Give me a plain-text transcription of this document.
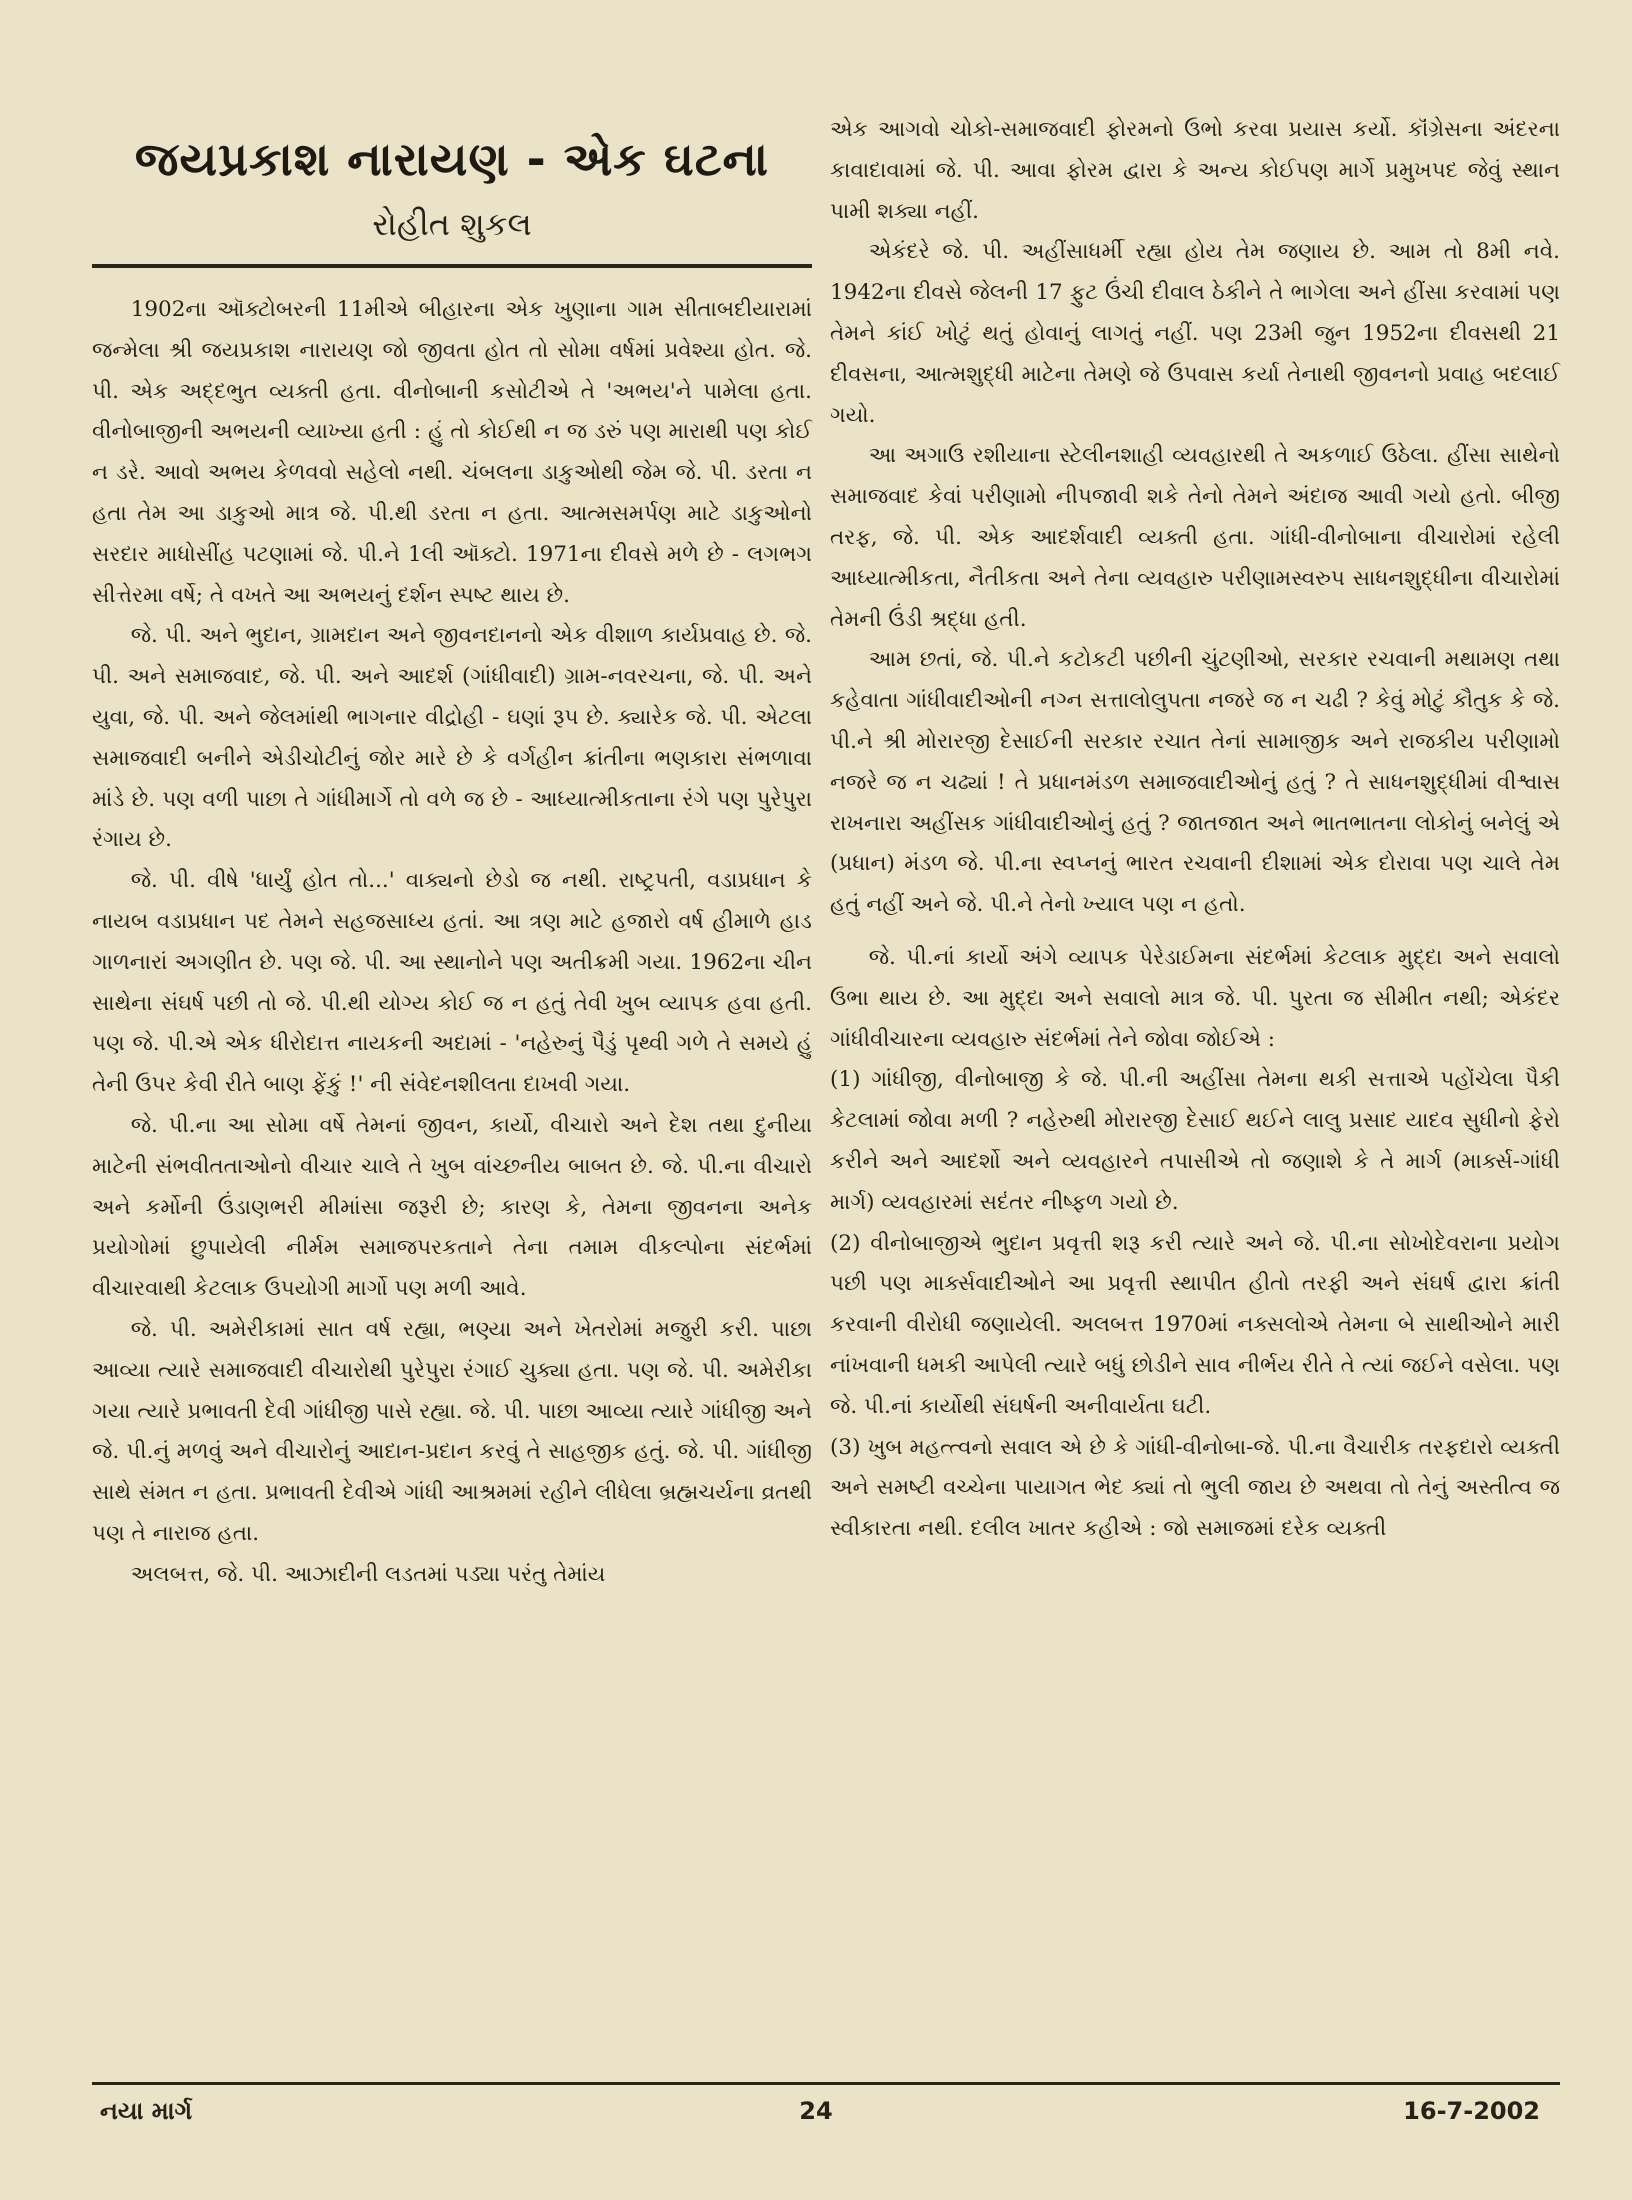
જયપ્રકાશ નારાયણ - એક ઘટના
રોહીત શુકલ

1902ના ઑક્ટોબરની 11મીએ બીહારના એક ખુણાના ગામ સીતાબદીયારામાં જન્મેલા શ્રી જયપ્રકાશ નારાયણ જો જીવતા હોત તો સોમા વર્ષમાં પ્રવેશ્યા હોત. જે. પી. એક અદ્દભુત વ્યક્તી હતા. વીનોબાની કસોટીએ તે 'અભય'ને પામેલા હતા. વીનોબાજીની અભયની વ્યાખ્યા હતી : હું તો કોઈથી ન જ ડરું પણ મારાથી પણ કોઈ ન ડરે. આવો અભય કેળવવો સહેલો નથી. ચંબલના ડાકુઓથી જેમ જે. પી. ડરતા ન હતા તેમ આ ડાકુઓ માત્ર જે. પી.થી ડરતા ન હતા. આત્મસમર્પણ માટે ડાકુઓનો સરદાર માધોસીંહ પટણામાં જે. પી.ને 1લી ઑક્ટો. 1971ના દીવસે મળે છે - લગભગ સીત્તેરમા વર્ષે; તે વખતે આ અભયનું દર્શન સ્પષ્ટ થાય છે.

જે. પી. અને ભુદાન, ગ્રામદાન અને જીવનદાનનો એક વીશાળ કાર્યપ્રવાહ છે. જે. પી. અને સમાજવાદ, જે. પી. અને આદર્શ (ગાંધીવાદી) ગ્રામ-નવરચના, જે. પી. અને યુવા, જે. પી. અને જેલમાંથી ભાગનાર વીદ્રોહી - ઘણાં રૂપ છે. ક્યારેક જે. પી. એટલા સમાજવાદી બનીને એડીચોટીનું જોર મારે છે કે વર્ગહીન ક્રાંતીના ભણકારા સંભળાવા માંડે છે. પણ વળી પાછા તે ગાંધીમાર્ગે તો વળે જ છે - આધ્યાત્મીકતાના રંગે પણ પુરેપુરા રંગાય છે.

જે. પી. વીષે 'ધાર્યું હોત તો...' વાક્યનો છેડો જ નથી. રાષ્ટ્રપતી, વડાપ્રધાન કે નાયબ વડાપ્રધાન પદ તેમને સહજસાધ્ય હતાં. આ ત્રણ માટે હજારો વર્ષ હીમાળે હાડ ગાળનારાં અગણીત છે. પણ જે. પી. આ સ્થાનોને પણ અતીક્રમી ગયા. 1962ના ચીન સાથેના સંઘર્ષ પછી તો જે. પી.થી યોગ્ય કોઈ જ ન હતું તેવી ખુબ વ્યાપક હવા હતી. પણ જે. પી.એ એક ધીરોદાત્ત નાયકની અદામાં - 'નહેરુનું પૈડું પૃથ્વી ગળે તે સમયે હું તેની ઉપર કેવી રીતે બાણ ફેંકું !' ની સંવેદનશીલતા દાખવી ગયા.

જે. પી.ના આ સોમા વર્ષે તેમનાં જીવન, કાર્યો, વીચારો અને દેશ તથા દુનીયા માટેની સંભવીતતાઓનો વીચાર ચાલે તે ખુબ વાંચ્છનીય બાબત છે. જે. પી.ના વીચારો અને કર્મોની ઉંડાણભરી મીમાંસા જરૂરી છે; કારણ કે, તેમના જીવનના અનેક પ્રયોગોમાં છુપાયેલી નીર્મમ સમાજપરકતાને તેના તમામ વીકલ્પોના સંદર્ભમાં વીચારવાથી કેટલાક ઉપયોગી માર્ગો પણ મળી આવે.

જે. પી. અમેરીકામાં સાત વર્ષ રહ્યા, ભણ્યા અને ખેતરોમાં મજુરી કરી. પાછા આવ્યા ત્યારે સમાજવાદી વીચારોથી પુરેપુરા રંગાઈ ચુક્યા હતા. પણ જે. પી. અમેરીકા ગયા ત્યારે પ્રભાવતી દેવી ગાંધીજી પાસે રહ્યા. જે. પી. પાછા આવ્યા ત્યારે ગાંધીજી અને જે. પી.નું મળવું અને વીચારોનું આદાન-પ્રદાન કરવું તે સાહજીક હતું. જે. પી. ગાંધીજી સાથે સંમત ન હતા. પ્રભાવતી દેવીએ ગાંધી આશ્રમમાં રહીને લીધેલા બ્રહ્મચર્યના વ્રતથી પણ તે નારાજ હતા.

અલબત્ત, જે. પી. આઝાદીની લડતમાં પડ્યા પરંતુ તેમાંય

એક આગવો ચોકો-સમાજવાદી ફોરમનો ઉભો કરવા પ્રયાસ કર્યો. કૉંગ્રેસના અંદરના કાવાદાવામાં જે. પી. આવા ફોરમ દ્વારા કે અન્ય કોઈપણ માર્ગે પ્રમુખપદ જેવું સ્થાન પામી શક્યા નહીં.

એકંદરે જે. પી. અહીંસાધર્મી રહ્યા હોય તેમ જણાય છે. આમ તો 8મી નવે. 1942ના દીવસે જેલની 17 ફુટ ઉંચી દીવાલ ઠેકીને તે ભાગેલા અને હીંસા કરવામાં પણ તેમને કાંઈ ખોટું થતું હોવાનું લાગતું નહીં. પણ 23મી જુન 1952ના દીવસથી 21 દીવસના, આત્મશુદ્ધી માટેના તેમણે જે ઉપવાસ કર્યા તેનાથી જીવનનો પ્રવાહ બદલાઈ ગયો.

આ અગાઉ રશીયાના સ્ટેલીનશાહી વ્યવહારથી તે અકળાઈ ઉઠેલા. હીંસા સાથેનો સમાજવાદ કેવાં પરીણામો નીપજાવી શકે તેનો તેમને અંદાજ આવી ગયો હતો. બીજી તરફ, જે. પી. એક આદર્શવાદી વ્યક્તી હતા. ગાંધી-વીનોબાના વીચારોમાં રહેલી આધ્યાત્મીકતા, નૈતીકતા અને તેના વ્યવહારુ પરીણામસ્વરુપ સાધનશુદ્ધીના વીચારોમાં તેમની ઉંડી શ્રદ્ધા હતી.

આમ છતાં, જે. પી.ને કટોકટી પછીની ચુંટણીઓ, સરકાર રચવાની મથામણ તથા કહેવાતા ગાંધીવાદીઓની નગ્ન સત્તાલોલુપતા નજરે જ ન ચઢી ? કેવું મોટું કૌતુક કે જે. પી.ને શ્રી મોરારજી દેસાઈની સરકાર રચાત તેનાં સામાજીક અને રાજકીય પરીણામો નજરે જ ન ચઢ્યાં ! તે પ્રધાનમંડળ સમાજવાદીઓનું હતું ? તે સાધનશુદ્ધીમાં વીશ્વાસ રાખનારા અહીંસક ગાંધીવાદીઓનું હતું ? જાતજાત અને ભાતભાતના લોકોનું બનેલું એ (પ્રધાન) મંડળ જે. પી.ના સ્વપ્નનું ભારત રચવાની દીશામાં એક દોરાવા પણ ચાલે તેમ હતું નહીં અને જે. પી.ને તેનો ખ્યાલ પણ ન હતો.

જે. પી.નાં કાર્યો અંગે વ્યાપક પેરેડાઈમના સંદર્ભમાં કેટલાક મુદ્દા અને સવાલો ઉભા થાય છે. આ મુદ્દા અને સવાલો માત્ર જે. પી. પુરતા જ સીમીત નથી; એકંદર ગાંધીવીચારના વ્યવહારુ સંદર્ભમાં તેને જોવા જોઈએ :

(1) ગાંધીજી, વીનોબાજી કે જે. પી.ની અહીંસા તેમના થકી સત્તાએ પહોંચેલા પૈકી કેટલામાં જોવા મળી ? નહેરુથી મોરારજી દેસાઈ થઈને લાલુ પ્રસાદ યાદવ સુધીનો ફેરો કરીને અને આદર્શો અને વ્યવહારને તપાસીએ તો જણાશે કે તે માર્ગ (માર્ક્સ-ગાંધી માર્ગ) વ્યવહારમાં સદંતર નીષ્ફળ ગયો છે.

(2) વીનોબાજીએ ભુદાન પ્રવૃત્તી શરૂ કરી ત્યારે અને જે. પી.ના સોખોદેવરાના પ્રયોગ પછી પણ માર્ક્સવાદીઓને આ પ્રવૃત્તી સ્થાપીત હીતો તરફી અને સંઘર્ષ દ્વારા ક્રાંતી કરવાની વીરોધી જણાયેલી. અલબત્ત 1970માં નક્સલોએ તેમના બે સાથીઓને મારી નાંખવાની ધમકી આપેલી ત્યારે બધું છોડીને સાવ નીર્ભય રીતે તે ત્યાં જઈને વસેલા. પણ જે. પી.નાં કાર્યોથી સંઘર્ષની અનીવાર્યતા ઘટી.

(3) ખુબ મહત્ત્વનો સવાલ એ છે કે ગાંધી-વીનોબા-જે. પી.ના વૈચારીક તરફદારો વ્યક્તી અને સમષ્ટી વચ્ચેના પાયાગત ભેદ ક્યાં તો ભુલી જાય છે અથવા તો તેનું અસ્તીત્વ જ સ્વીકારતા નથી. દલીલ ખાતર કહીએ : જો સમાજમાં દરેક વ્યક્તી

નયા માર્ગ	24	16-7-2002
